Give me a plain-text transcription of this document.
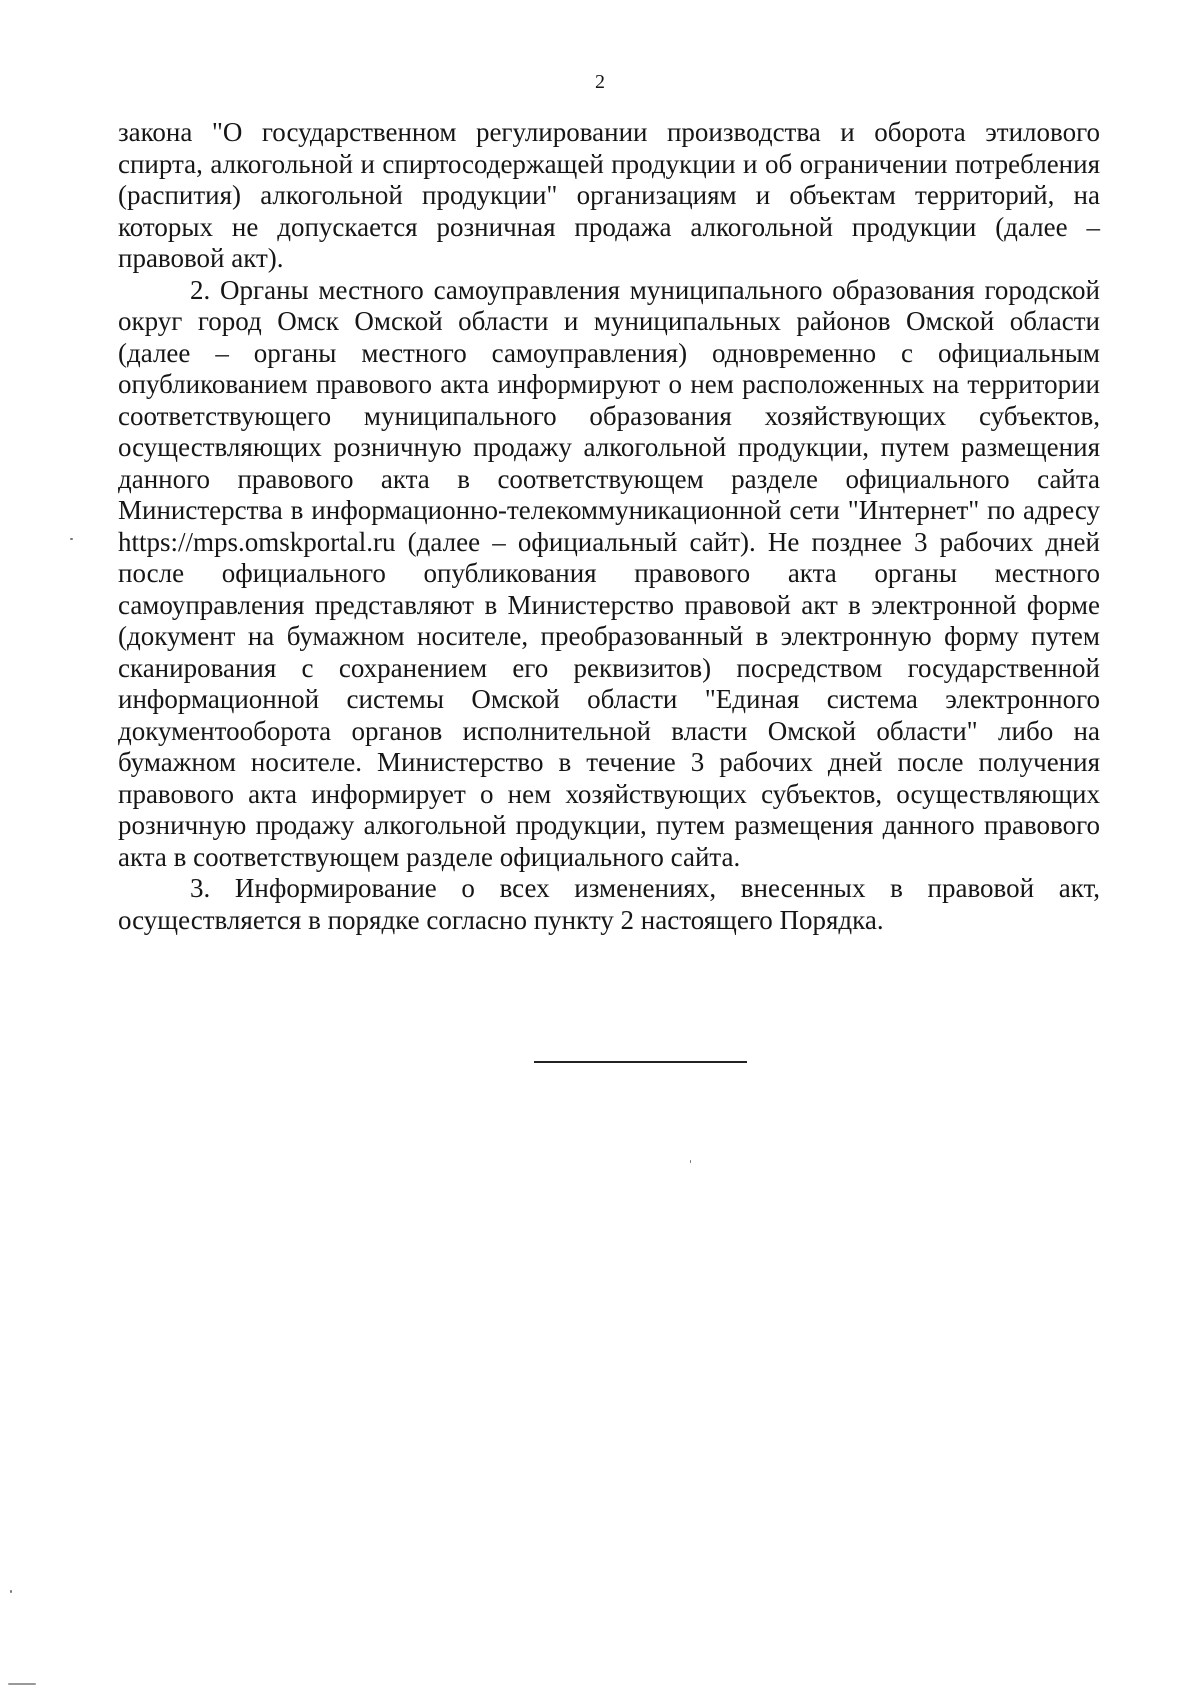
2

закона "О государственном регулировании производства и оборота этилового спирта, алкогольной и спиртосодержащей продукции и об ограничении потребления (распития) алкогольной продукции" организациям и объектам территорий, на которых не допускается розничная продажа алкогольной продукции (далее – правовой акт).

2. Органы местного самоуправления муниципального образования городской округ город Омск Омской области и муниципальных районов Омской области (далее – органы местного самоуправления) одновременно с официальным опубликованием правового акта информируют о нем расположенных на территории соответствующего муниципального образования хозяйствующих субъектов, осуществляющих розничную продажу алкогольной продукции, путем размещения данного правового акта в соответствующем разделе официального сайта Министерства в информационно-телекоммуникационной сети "Интернет" по адресу https://mps.omskportal.ru (далее – официальный сайт). Не позднее 3 рабочих дней после официального опубликования правового акта органы местного самоуправления представляют в Министерство правовой акт в электронной форме (документ на бумажном носителе, преобразованный в электронную форму путем сканирования с сохранением его реквизитов) посредством государственной информационной системы Омской области "Единая система электронного документооборота органов исполнительной власти Омской области" либо на бумажном носителе. Министерство в течение 3 рабочих дней после получения правового акта информирует о нем хозяйствующих субъектов, осуществляющих розничную продажу алкогольной продукции, путем размещения данного правового акта в соответствующем разделе официального сайта.

3. Информирование о всех изменениях, внесенных в правовой акт, осуществляется в порядке согласно пункту 2 настоящего Порядка.
